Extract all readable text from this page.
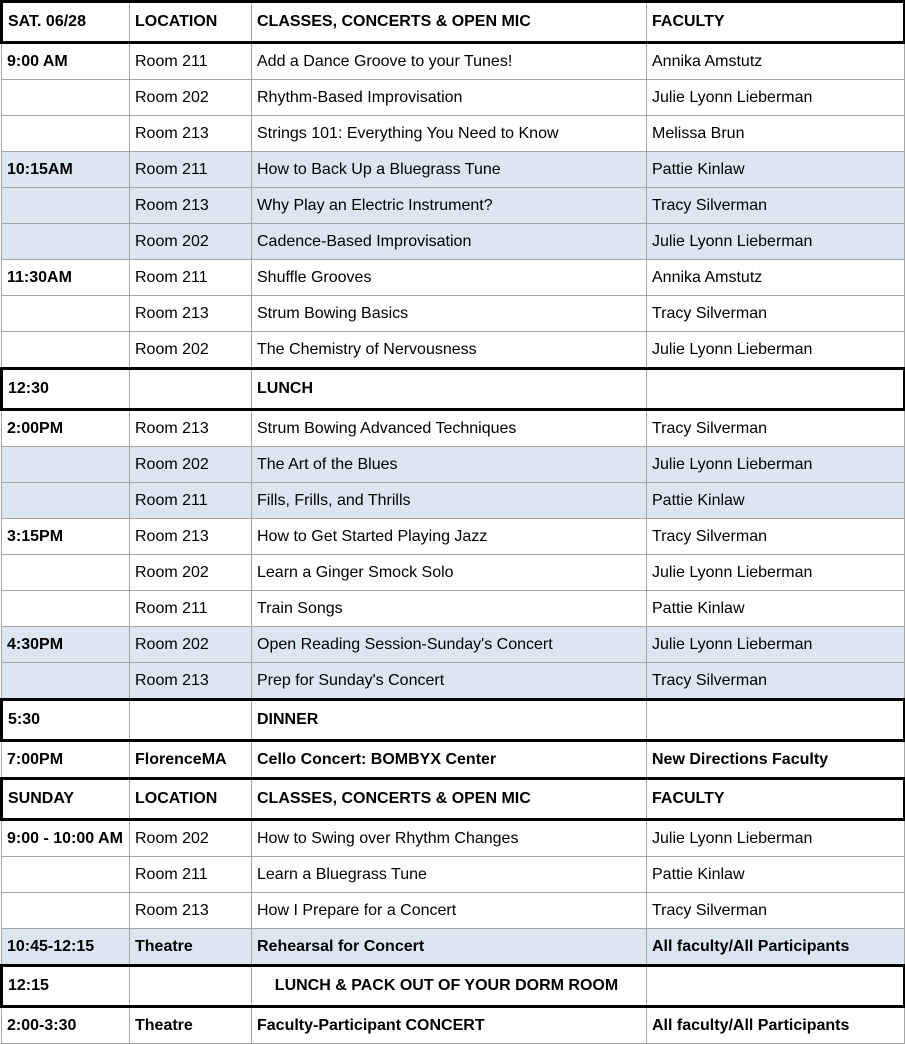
SAT. 06/28	LOCATION	CLASSES, CONCERTS & OPEN MIC	FACULTY
9:00 AM	Room 211	Add a Dance Groove to your Tunes!	Annika Amstutz
	Room 202	Rhythm-Based Improvisation	Julie Lyonn Lieberman
	Room 213	Strings 101: Everything You Need to Know	Melissa Brun
10:15AM	Room 211	How to Back Up a Bluegrass Tune	Pattie Kinlaw
	Room 213	Why Play an Electric Instrument?	Tracy Silverman
	Room 202	Cadence-Based Improvisation	Julie Lyonn Lieberman
11:30AM	Room 211	Shuffle Grooves	Annika Amstutz
	Room 213	Strum Bowing Basics	Tracy Silverman
	Room 202	The Chemistry of Nervousness	Julie Lyonn Lieberman
12:30		LUNCH	
2:00PM	Room 213	Strum Bowing Advanced Techniques	Tracy Silverman
	Room 202	The Art of the Blues	Julie Lyonn Lieberman
	Room 211	Fills, Frills, and Thrills	Pattie Kinlaw
3:15PM	Room 213	How to Get Started Playing Jazz	Tracy Silverman
	Room 202	Learn a Ginger Smock Solo	Julie Lyonn Lieberman
	Room 211	Train Songs	Pattie Kinlaw
4:30PM	Room 202	Open Reading Session-Sunday's Concert	Julie Lyonn Lieberman
	Room 213	Prep for Sunday's Concert	Tracy Silverman
5:30		DINNER	
7:00PM	FlorenceMA	Cello Concert: BOMBYX Center	New Directions Faculty
SUNDAY	LOCATION	CLASSES, CONCERTS & OPEN MIC	FACULTY
9:00 - 10:00 AM	Room 202	How to Swing over Rhythm Changes	Julie Lyonn Lieberman
	Room 211	Learn a Bluegrass Tune	Pattie Kinlaw
	Room 213	How I Prepare for a Concert	Tracy Silverman
10:45-12:15	Theatre	Rehearsal for Concert	All faculty/All Participants
12:15		LUNCH & PACK OUT OF YOUR DORM ROOM	
2:00-3:30	Theatre	Faculty-Participant CONCERT	All faculty/All Participants
